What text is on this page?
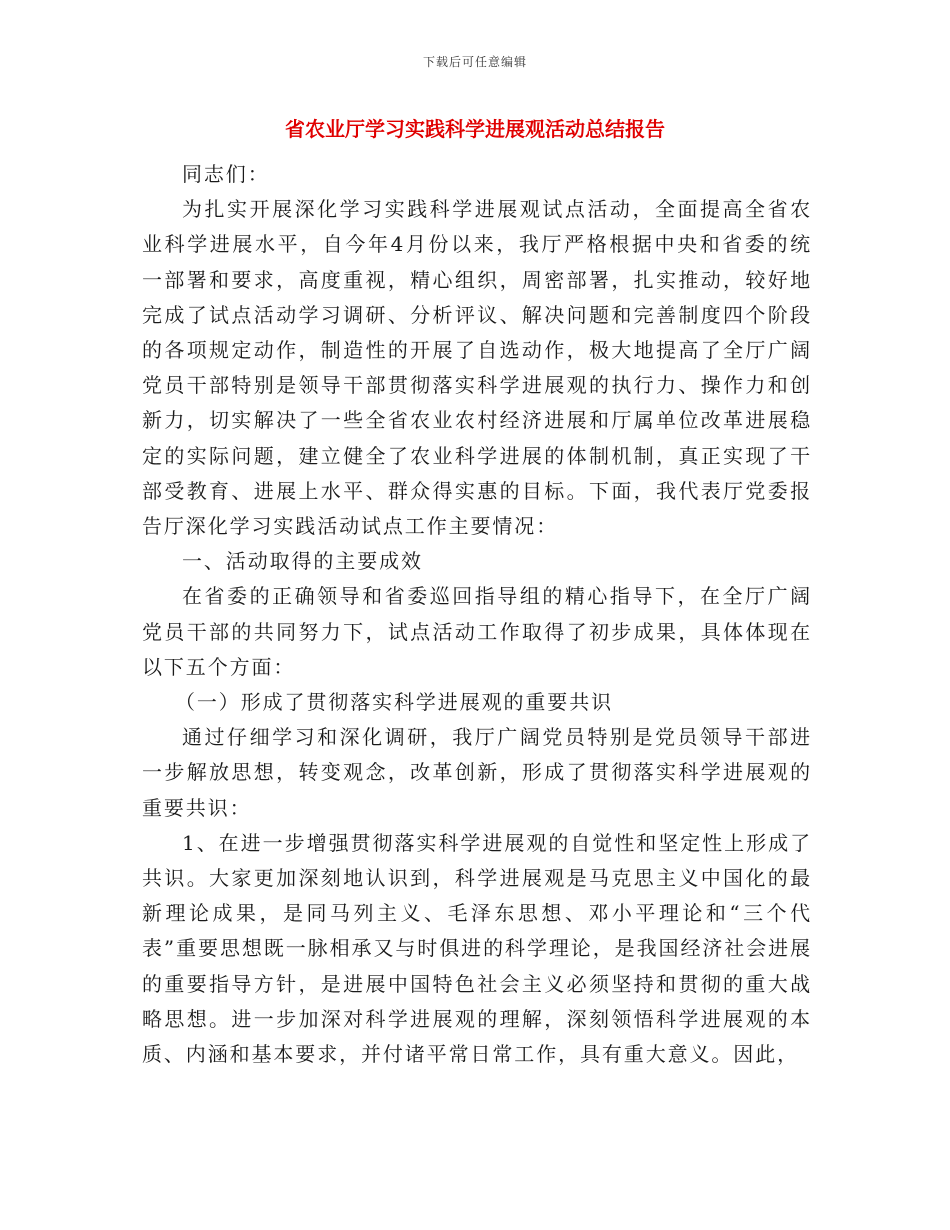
下载后可任意编辑
省农业厅学习实践科学进展观活动总结报告

同志们：

为扎实开展深化学习实践科学进展观试点活动，全面提高全省农业科学进展水平，自今年4月份以来，我厅严格根据中央和省委的统一部署和要求，高度重视，精心组织，周密部署，扎实推动，较好地完成了试点活动学习调研、分析评议、解决问题和完善制度四个阶段的各项规定动作，制造性的开展了自选动作，极大地提高了全厅广阔党员干部特别是领导干部贯彻落实科学进展观的执行力、操作力和创新力，切实解决了一些全省农业农村经济进展和厅属单位改革进展稳定的实际问题，建立健全了农业科学进展的体制机制，真正实现了干部受教育、进展上水平、群众得实惠的目标。下面，我代表厅党委报告厅深化学习实践活动试点工作主要情况：

一、活动取得的主要成效

在省委的正确领导和省委巡回指导组的精心指导下，在全厅广阔党员干部的共同努力下，试点活动工作取得了初步成果，具体体现在以下五个方面：

（一）形成了贯彻落实科学进展观的重要共识

通过仔细学习和深化调研，我厅广阔党员特别是党员领导干部进一步解放思想，转变观念，改革创新，形成了贯彻落实科学进展观的重要共识：

1、在进一步增强贯彻落实科学进展观的自觉性和坚定性上形成了共识。大家更加深刻地认识到，科学进展观是马克思主义中国化的最新理论成果，是同马列主义、毛泽东思想、邓小平理论和“三个代表”重要思想既一脉相承又与时俱进的科学理论，是我国经济社会进展的重要指导方针，是进展中国特色社会主义必须坚持和贯彻的重大战略思想。进一步加深对科学进展观的理解，深刻领悟科学进展观的本质、内涵和基本要求，并付诸平常日常工作，具有重大意义。因此，
